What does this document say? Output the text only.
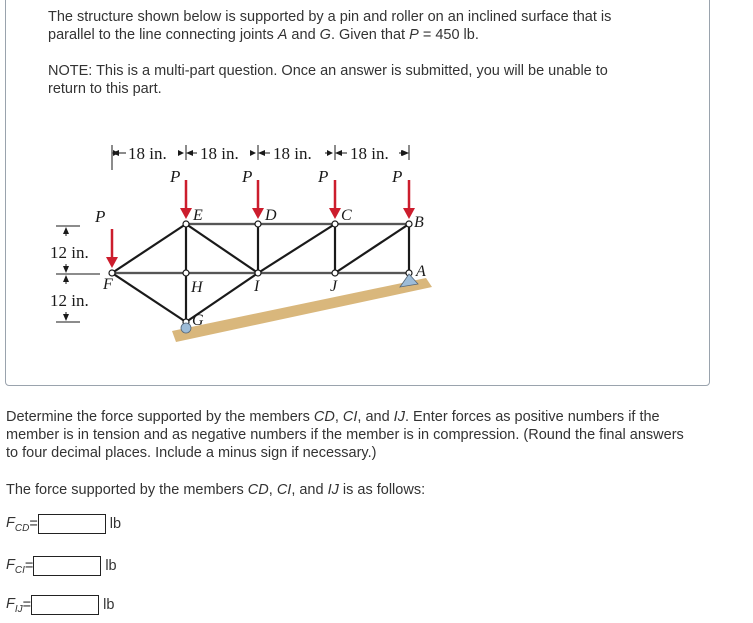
The structure shown below is supported by a pin and roller on an inclined surface that is
parallel to the line connecting joints A and G. Given that P = 450 lb.
NOTE: This is a multi-part question. Once an answer is submitted, you will be unable to
return to this part.
18 in. 18 in. 18 in. 18 in.
12 in.
12 in.
P	P	P	P
P	E	D	C	B
A
F	H	I	J
G
Determine the force supported by the members CD, CI, and IJ. Enter forces as positive numbers if the
member is in tension and as negative numbers if the member is in compression. (Round the final answers
to four decimal places. Include a minus sign if necessary.)
The force supported by the members CD, CI, and IJ is as follows:
$F_{CD}=$	lb
$F_{CI}=$	lb
$F_{IJ}=$	lb
